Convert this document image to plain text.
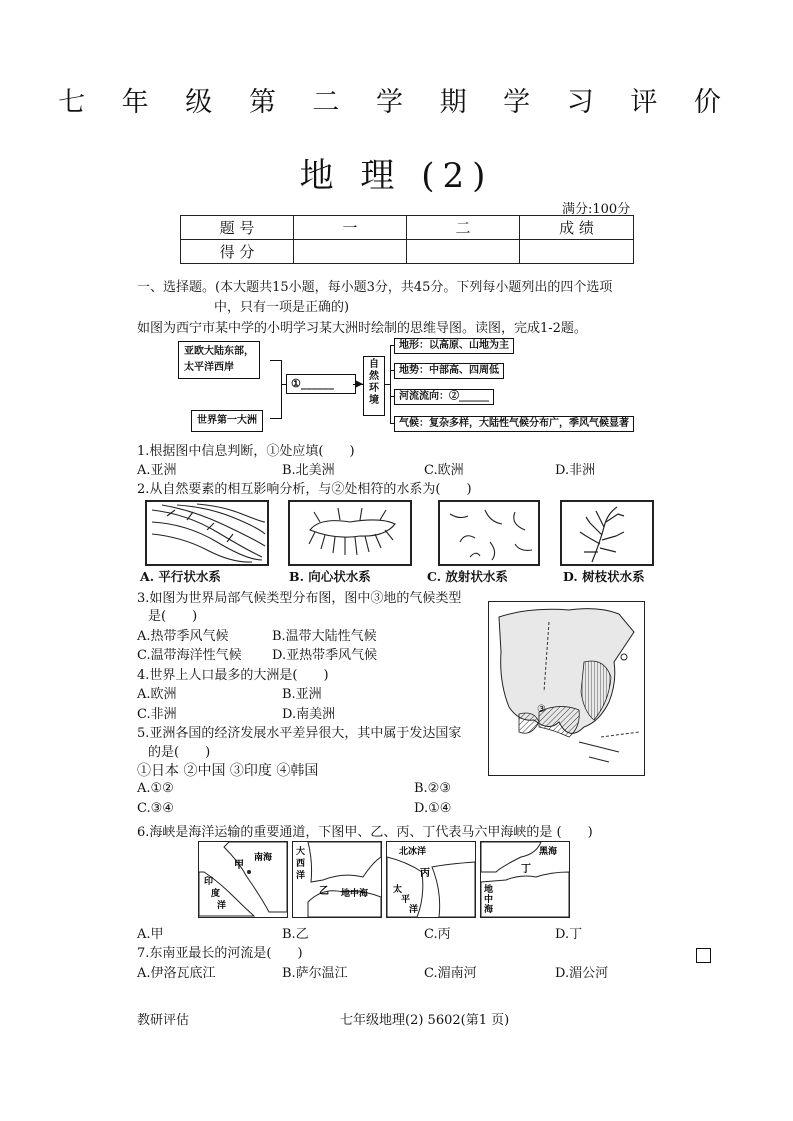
七 年 级 第 二 学 期 学 习 评 价
地 理 (2)
满分:100分
题 号	一	二	成 绩
得 分			
一、选择题。(本大题共15小题，每小题3分，共45分。下列每小题列出的四个选项
中，只有一项是正确的)
如图为西宁市某中学的小明学习某大洲时绘制的思维导图。读图，完成1-2题。
亚欧大陆东部，
太平洋西岸
世界第一大洲
①______
自然环境
地形：以高原、山地为主
地势：中部高、四周低
河流流向：②______
气候：复杂多样，大陆性气候分布广，季风气候显著
1.根据图中信息判断，①处应填(　　)
A.亚洲	B.北美洲	C.欧洲	D.非洲
2.从自然要素的相互影响分析，与②处相符的水系为(　　)
A. 平行状水系	B. 向心状水系	C. 放射状水系	D. 树枝状水系
3.如图为世界局部气候类型分布图，图中③地的气候类型
是(　　)
A.热带季风气候	B.温带大陆性气候
C.温带海洋性气候 D.亚热带季风气候
③
4.世界上人口最多的大洲是(　　)
A.欧洲	B.亚洲
C.非洲	D.南美洲
5.亚洲各国的经济发展水平差异很大，其中属于发达国家
的是(　　)
①日本 ②中国 ③印度 ④韩国
A.①②	B.②③
C.③④	D.①④
6.海峡是海洋运输的重要通道，下图甲、乙、丙、丁代表马六甲海峡的是 (　　)
南海
甲
印
度
洋
大
西
洋
乙 地中海
北冰洋
丙
太
平
洋
黑海
丁
地
中
海
A.甲	B.乙	C.丙	D.丁
7.东南亚最长的河流是(　　)
A.伊洛瓦底江	B.萨尔温江	C.湄南河	D.湄公河
教研评估	七年级地理(2) 5602(第1 页)
